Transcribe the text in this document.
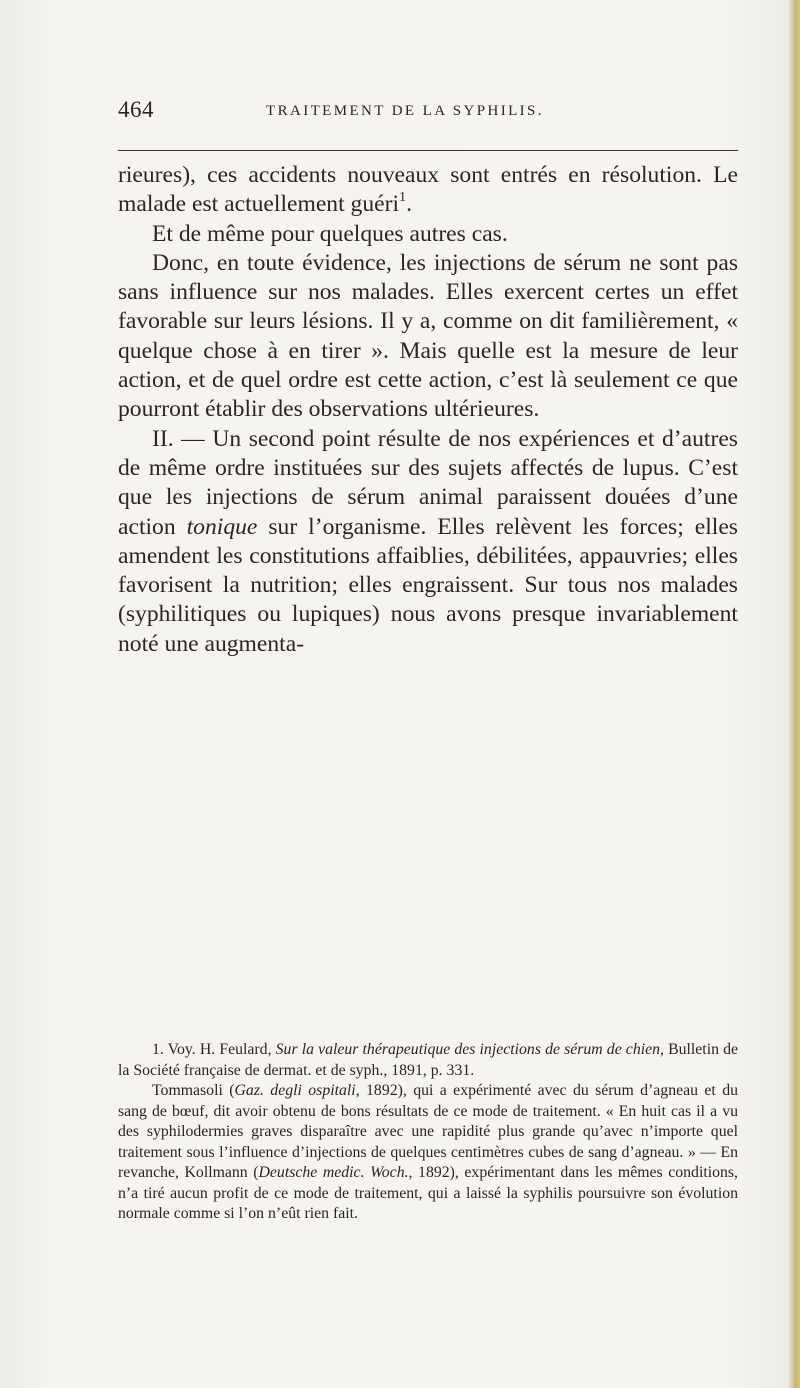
464	TRAITEMENT DE LA SYPHILIS.

rieures), ces accidents nouveaux sont entrés en résolution. Le malade est actuellement guéri$^1$.

Et de même pour quelques autres cas.

Donc, en toute évidence, les injections de sérum ne sont pas sans influence sur nos malades. Elles exercent certes un effet favorable sur leurs lésions. Il y a, comme on dit familièrement, « quelque chose à en tirer ». Mais quelle est la mesure de leur action, et de quel ordre est cette action, c’est là seulement ce que pourront établir des observations ultérieures.

II. — Un second point résulte de nos expériences et d’autres de même ordre instituées sur des sujets affectés de lupus. C’est que les injections de sérum animal paraissent douées d’une action tonique sur l’organisme. Elles relèvent les forces; elles amendent les constitutions affaiblies, débilitées, appauvries; elles favorisent la nutrition; elles engraissent. Sur tous nos malades (syphilitiques ou lupiques) nous avons presque invariablement noté une augmenta-

1. Voy. H. Feulard, Sur la valeur thérapeutique des injections de sérum de chien, Bulletin de la Société française de dermat. et de syph., 1891, p. 331.

Tommasoli (Gaz. degli ospitali, 1892), qui a expérimenté avec du sérum d’agneau et du sang de bœuf, dit avoir obtenu de bons résultats de ce mode de traitement. « En huit cas il a vu des syphilodermies graves disparaître avec une rapidité plus grande qu’avec n’importe quel traitement sous l’influence d’injections de quelques centimètres cubes de sang d’agneau. » — En revanche, Kollmann (Deutsche medic. Woch., 1892), expérimentant dans les mêmes conditions, n’a tiré aucun profit de ce mode de traitement, qui a laissé la syphilis poursuivre son évolution normale comme si l’on n’eût rien fait.
